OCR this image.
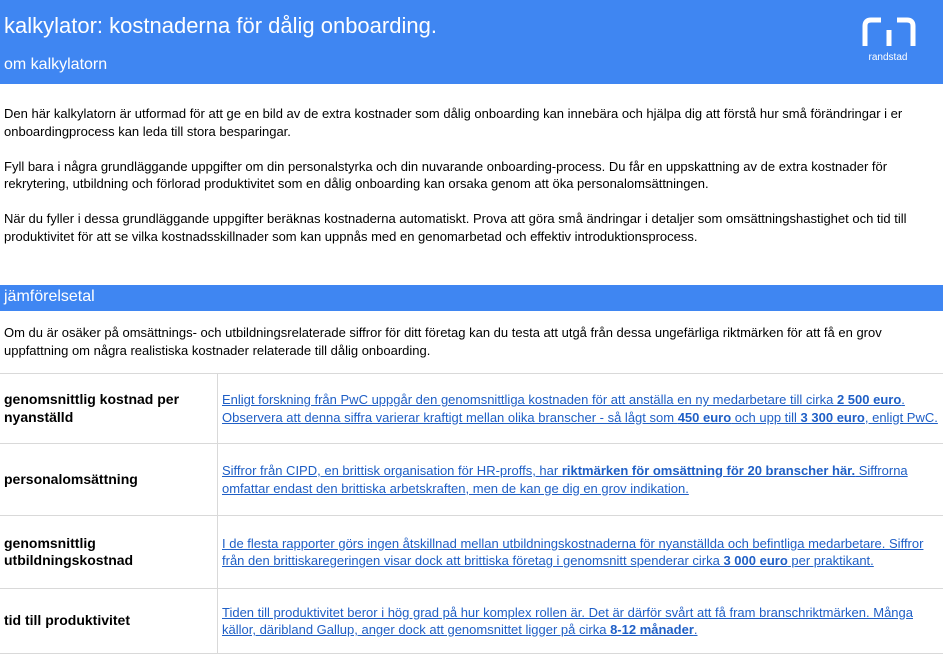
kalkylator: kostnaderna för dålig onboarding.
om kalkylatorn	randstad

Den här kalkylatorn är utformad för att ge en bild av de extra kostnader som dålig onboarding kan innebära och hjälpa dig att förstå hur små förändringar i er onboardingprocess kan leda till stora besparingar.

Fyll bara i några grundläggande uppgifter om din personalstyrka och din nuvarande onboarding-process. Du får en uppskattning av de extra kostnader för rekrytering, utbildning och förlorad produktivitet som en dålig onboarding kan orsaka genom att öka personalomsättningen.

När du fyller i dessa grundläggande uppgifter beräknas kostnaderna automatiskt. Prova att göra små ändringar i detaljer som omsättningshastighet och tid till produktivitet för att se vilka kostnadsskillnader som kan uppnås med en genomarbetad och effektiv introduktionsprocess.

jämförelsetal
Om du är osäker på omsättnings- och utbildningsrelaterade siffror för ditt företag kan du testa att utgå från dessa ungefärliga riktmärken för att få en grov uppfattning om några realistiska kostnader relaterade till dålig onboarding.
genomsnittlig kostnad per nyanställd	Enligt forskning från PwC uppgår den genomsnittliga kostnaden för att anställa en ny medarbetare till cirka 2 500 euro. Observera att denna siffra varierar kraftigt mellan olika branscher - så lågt som 450 euro och upp till 3 300 euro, enligt PwC.
personalomsättning	Siffror från CIPD, en brittisk organisation för HR-proffs, har riktmärken för omsättning för 20 branscher här. Siffrorna omfattar endast den brittiska arbetskraften, men de kan ge dig en grov indikation.
genomsnittlig utbildningskostnad	I de flesta rapporter görs ingen åtskillnad mellan utbildningskostnaderna för nyanställda och befintliga medarbetare. Siffror från den brittiskaregeringen visar dock att brittiska företag i genomsnitt spenderar cirka 3 000 euro per praktikant.
tid till produktivitet	Tiden till produktivitet beror i hög grad på hur komplex rollen är. Det är därför svårt att få fram branschriktmärken. Många källor, däribland Gallup, anger dock att genomsnittet ligger på cirka 8-12 månader.
